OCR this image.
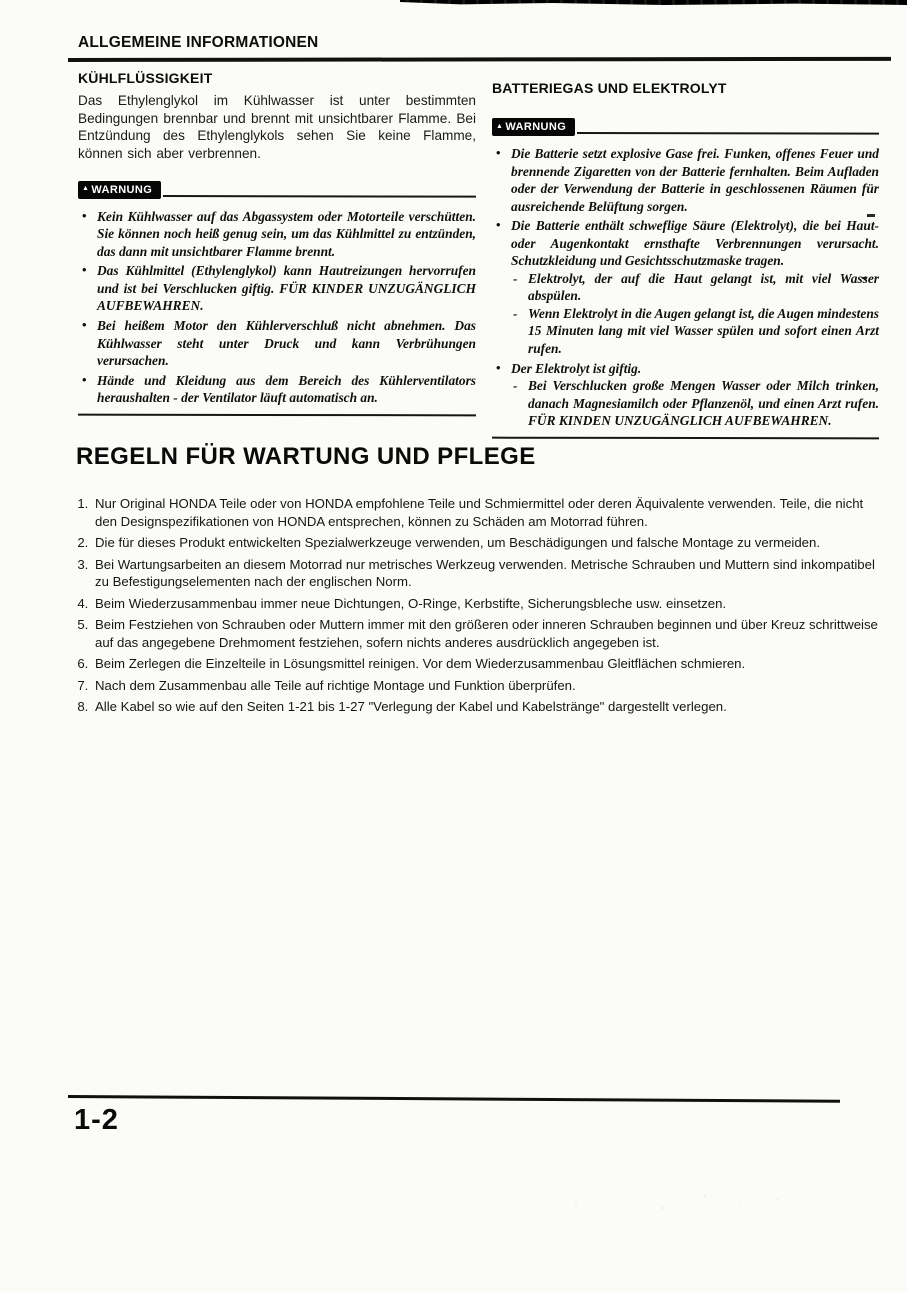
ALLGEMEINE INFORMATIONEN
KÜHLFLÜSSIGKEIT

Das Ethylenglykol im Kühlwasser ist unter bestimmten Bedingungen brennbar und brennt mit unsichtbarer Flamme. Bei Entzündung des Ethylenglykols sehen Sie keine Flamme, können sich aber verbrennen.

▲ WARNUNG
• Kein Kühlwasser auf das Abgassystem oder Motorteile verschütten. Sie können noch heiß genug sein, um das Kühlmittel zu entzünden, das dann mit unsichtbarer Flamme brennt.
• Das Kühlmittel (Ethylenglykol) kann Hautreizungen hervorrufen und ist bei Verschlucken giftig. FÜR KINDER UNZUGÄNGLICH AUFBEWAHREN.
• Bei heißem Motor den Kühlerverschluß nicht abnehmen. Das Kühlwasser steht unter Druck und kann Verbrühungen verursachen.
• Hände und Kleidung aus dem Bereich des Kühlerventilators heraushalten - der Ventilator läuft automatisch an.
BATTERIEGAS UND ELEKTROLYT
▲ WARNUNG
• Die Batterie setzt explosive Gase frei. Funken, offenes Feuer und brennende Zigaretten von der Batterie fernhalten. Beim Aufladen oder der Verwendung der Batterie in geschlossenen Räumen für ausreichende Belüftung sorgen.
• Die Batterie enthält schweflige Säure (Elektrolyt), die bei Haut- oder Augenkontakt ernsthafte Verbrennungen verursacht. Schutzkleidung und Gesichtsschutzmaske tragen.
- Elektrolyt, der auf die Haut gelangt ist, mit viel Wasser abspülen.
- Wenn Elektrolyt in die Augen gelangt ist, die Augen mindestens 15 Minuten lang mit viel Wasser spülen und sofort einen Arzt rufen.
• Der Elektrolyt ist giftig.
- Bei Verschlucken große Mengen Wasser oder Milch trinken, danach Magnesiamilch oder Pflanzenöl, und einen Arzt rufen. FÜR KINDEN UNZUGÄNGLICH AUFBEWAHREN.
REGELN FÜR WARTUNG UND PFLEGE
1. Nur Original HONDA Teile oder von HONDA empfohlene Teile und Schmiermittel oder deren Äquivalente verwenden. Teile, die nicht den Designspezifikationen von HONDA entsprechen, können zu Schäden am Motorrad führen.
2. Die für dieses Produkt entwickelten Spezialwerkzeuge verwenden, um Beschädigungen und falsche Montage zu vermeiden.
3. Bei Wartungsarbeiten an diesem Motorrad nur metrisches Werkzeug verwenden. Metrische Schrauben und Muttern sind inkompatibel zu Befestigungselementen nach der englischen Norm.
4. Beim Wiederzusammenbau immer neue Dichtungen, O-Ringe, Kerbstifte, Sicherungsbleche usw. einsetzen.
5. Beim Festziehen von Schrauben oder Muttern immer mit den größeren oder inneren Schrauben beginnen und über Kreuz schrittweise auf das angegebene Drehmoment festziehen, sofern nichts anderes ausdrücklich angegeben ist.
6. Beim Zerlegen die Einzelteile in Lösungsmittel reinigen. Vor dem Wiederzusammenbau Gleitflächen schmieren.
7. Nach dem Zusammenbau alle Teile auf richtige Montage und Funktion überprüfen.
8. Alle Kabel so wie auf den Seiten 1-21 bis 1-27 "Verlegung der Kabel und Kabelstränge" dargestellt verlegen.
1-2
